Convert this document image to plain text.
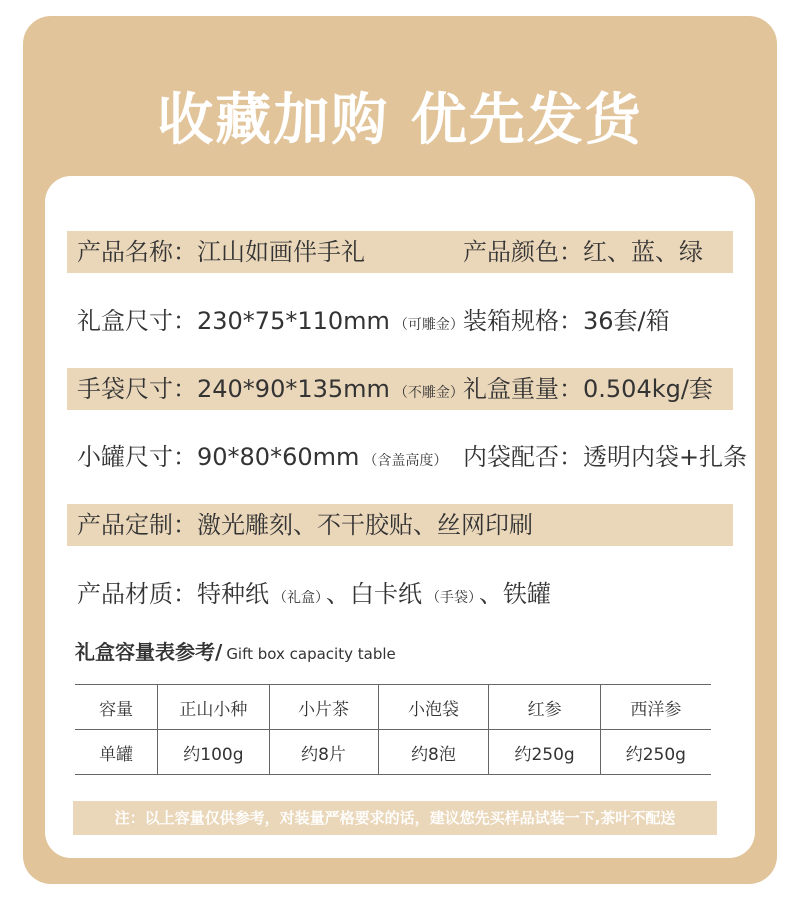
收藏加购 优先发货
产品名称： 江山如画伴手礼	产品颜色： 红、蓝、绿
礼盒尺寸： 230*75*110mm （可雕金） 装箱规格： 36套/箱
手袋尺寸： 240*90*135mm （不雕金） 礼盒重量： 0.504kg/套
小罐尺寸： 90*80*60mm （含盖高度） 内袋配否： 透明内袋+扎条
产品定制： 激光雕刻、不干胶贴、丝网印刷
产品材质： 特种纸 （礼盒） 、白卡纸 （手袋） 、铁罐
礼盒容量表参考/ Gift box capacity table
容量	正山小种	小片茶	小泡袋	红参	西洋参
单罐	约100g	约8片	约8泡	约250g	约250g
注：以上容量仅供参考，对装量严格要求的话，建议您先买样品试装一下,茶叶不配送
